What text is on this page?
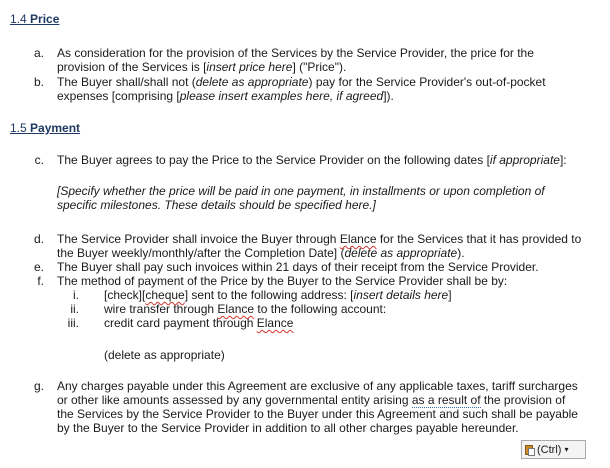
1.4 Price
a. As consideration for the provision of the Services by the Service Provider, the price for the
provision of the Services is [insert price here] ("Price").
b. The Buyer shall/shall not (delete as appropriate) pay for the Service Provider's out-of-pocket
expenses [comprising [please insert examples here, if agreed]).
1.5 Payment
c. The Buyer agrees to pay the Price to the Service Provider on the following dates [if appropriate]:
[Specify whether the price will be paid in one payment, in installments or upon completion of
specific milestones. These details should be specified here.]
d. The Service Provider shall invoice the Buyer through Elance for the Services that it has provided to
the Buyer weekly/monthly/after the Completion Date] (delete as appropriate).
e. The Buyer shall pay such invoices within 21 days of their receipt from the Service Provider.
f. The method of payment of the Price by the Buyer to the Service Provider shall be by:
i. [check][cheque] sent to the following address: [insert details here]
ii. wire transfer through Elance to the following account:
iii. credit card payment through Elance
(delete as appropriate)
g. Any charges payable under this Agreement are exclusive of any applicable taxes, tariff surcharges
or other like amounts assessed by any governmental entity arising as a result of the provision of
the Services by the Service Provider to the Buyer under this Agreement and such shall be payable
by the Buyer to the Service Provider in addition to all other charges payable hereunder.
(Ctrl) ▾
